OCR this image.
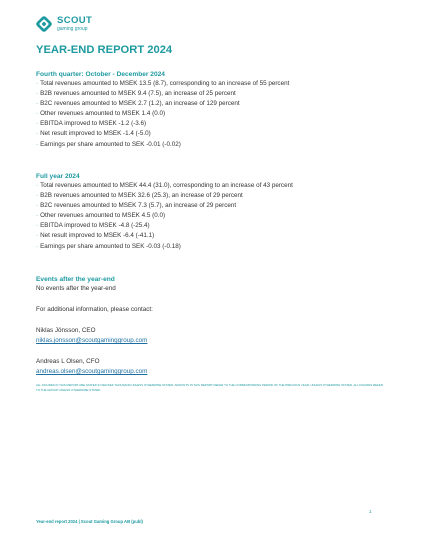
SCOUT
gaming group
YEAR-END REPORT 2024
Fourth quarter: October - December 2024
· Total revenues amounted to MSEK 13.5 (8.7), corresponding to an increase of 55 percent
· B2B revenues amounted to MSEK 9.4 (7.5), an increase of 25 percent
· B2C revenues amounted to MSEK 2.7 (1.2), an increase of 129 percent
· Other revenues amounted to MSEK 1.4 (0.0)
· EBITDA improved to MSEK -1.2 (-3.6)
· Net result improved to MSEK -1.4 (-5.0)
· Earnings per share amounted to SEK -0.01 (-0.02)
Full year 2024
· Total revenues amounted to MSEK 44.4 (31.0), corresponding to an increase of 43 percent
· B2B revenues amounted to MSEK 32.6 (25.3), an increase of 29 percent
· B2C revenues amounted to MSEK 7.3 (5.7), an increase of 29 percent
· Other revenues amounted to MSEK 4.5 (0.0)
· EBITDA improved to MSEK -4.8 (-25.4)
· Net result improved to MSEK -6.4 (-41.1)
· Earnings per share amounted to SEK -0.03 (-0.18)
Events after the year-end
No events after the year-end
For additional information, please contact:
Niklas Jönsson, CEO
niklas.jonsson@scoutgaminggroup.com
Andreas L Olsen, CFO
andreas.olsen@scoutgaminggroup.com
ALL FIGURES IN THIS REPORT ARE STATED IN SEK/SEK THOUSAND UNLESS OTHERWISE STATED. AMOUNTS IN THIS REPORT REFER TO THE CORRESPONDING PERIOD OF THE PREVIOUS YEAR, UNLESS OTHERWISE STATED. ALL FIGURES REFER TO THE GROUP UNLESS OTHERWISE STATED.
1
Year-end report 2024 | Scout Gaming Group AB (publ)
